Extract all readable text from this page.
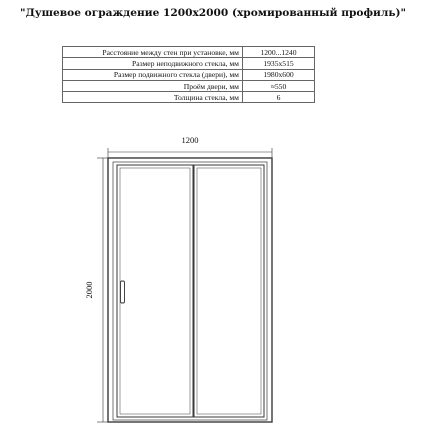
"Душевое ограждение 1200x2000 (хромированный профиль)"
Расстояние между стен при установке, мм	1200...1240
Размер неподвижного стекла, мм	1935x515
Размер подвижного стекла (двери), мм	1980x600
Проём двери, мм	≈550
Толщина стекла, мм	6
1200
2000
